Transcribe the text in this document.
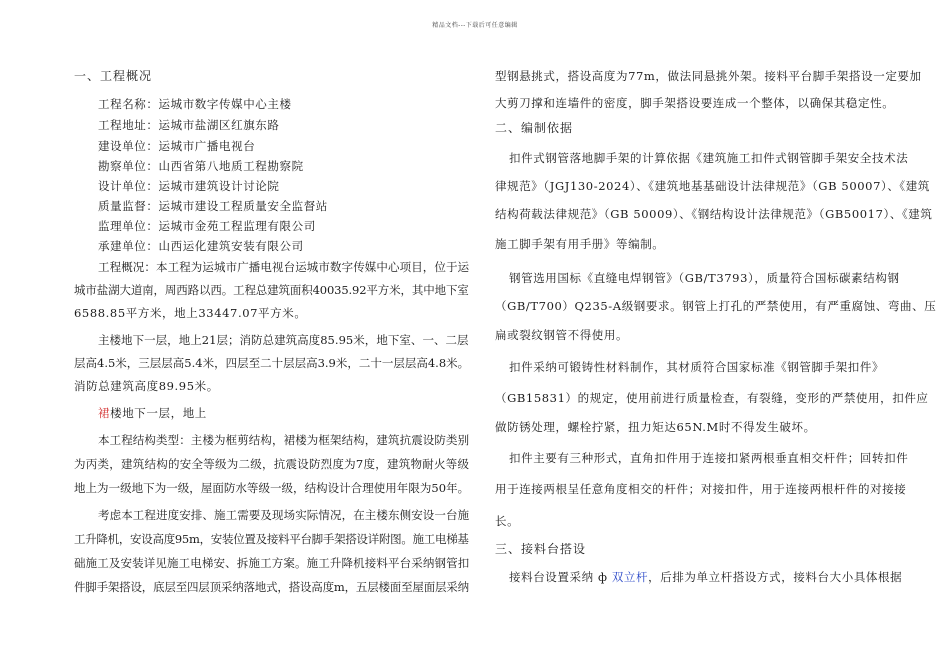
精品文档---下载后可任意编辑
一、工程概况
工程名称：运城市数字传媒中心主楼
工程地址：运城市盐湖区红旗东路
建设单位：运城市广播电视台
勘察单位：山西省第八地质工程勘察院
设计单位：运城市建筑设计讨论院
质量监督：运城市建设工程质量安全监督站
监理单位：运城市金苑工程监理有限公司
承建单位：山西运化建筑安装有限公司
工程概况：本工程为运城市广播电视台运城市数字传媒中心项目，位于运
城市盐湖大道南，周西路以西。工程总建筑面积40035.92平方米，其中地下室
6588.85平方米，地上33447.07平方米。
主楼地下一层，地上21层；消防总建筑高度85.95米，地下室、一、二层
层高4.5米，三层层高5.4米，四层至二十层层高3.9米，二十一层层高4.8米。
消防总建筑高度89.95米。
裙楼地下一层，地上
本工程结构类型：主楼为框剪结构，裙楼为框架结构，建筑抗震设防类别
为丙类，建筑结构的安全等级为二级，抗震设防烈度为7度，建筑物耐火等级
地上为一级地下为一级，屋面防水等级一级，结构设计合理使用年限为50年。
考虑本工程进度安排、施工需要及现场实际情况，在主楼东侧安设一台施
工升降机，安设高度95m，安装位置及接料平台脚手架搭设详附图。施工电梯基
础施工及安装详见施工电梯安、拆施工方案。施工升降机接料平台采纳钢管扣
件脚手架搭设，底层至四层顶采纳落地式，搭设高度m，五层楼面至屋面层采纳
型钢悬挑式，搭设高度为77m，做法同悬挑外架。接料平台脚手架搭设一定要加
大剪刀撑和连墙件的密度，脚手架搭设要连成一个整体，以确保其稳定性。
二、编制依据
扣件式钢管落地脚手架的计算依据《建筑施工扣件式钢管脚手架安全技术法
律规范》（JGJ130-2024）、《建筑地基基础设计法律规范》（GB 50007）、《建筑
结构荷载法律规范》（GB 50009）、《钢结构设计法律规范》（GB50017）、《建筑
施工脚手架有用手册》等编制。
钢管选用国标《直缝电焊钢管》（GB/T3793），质量符合国标碳素结构钢
（GB/T700）Q235-A级钢要求。钢管上打孔的严禁使用，有严重腐蚀、弯曲、压
扁或裂纹钢管不得使用。
扣件采纳可锻铸性材料制作，其材质符合国家标准《钢管脚手架扣件》
（GB15831）的规定，使用前进行质量检查，有裂缝，变形的严禁使用，扣件应
做防锈处理，螺栓拧紧，扭力矩达65N.M时不得发生破坏。
扣件主要有三种形式，直角扣件用于连接扣紧两根垂直相交杆件；回转扣件
用于连接两根呈任意角度相交的杆件；对接扣件，用于连接两根杆件的对接接
长。
三、接料台搭设
接料台设置采纳 ф 双立杆，后排为单立杆搭设方式，接料台大小具体根据
